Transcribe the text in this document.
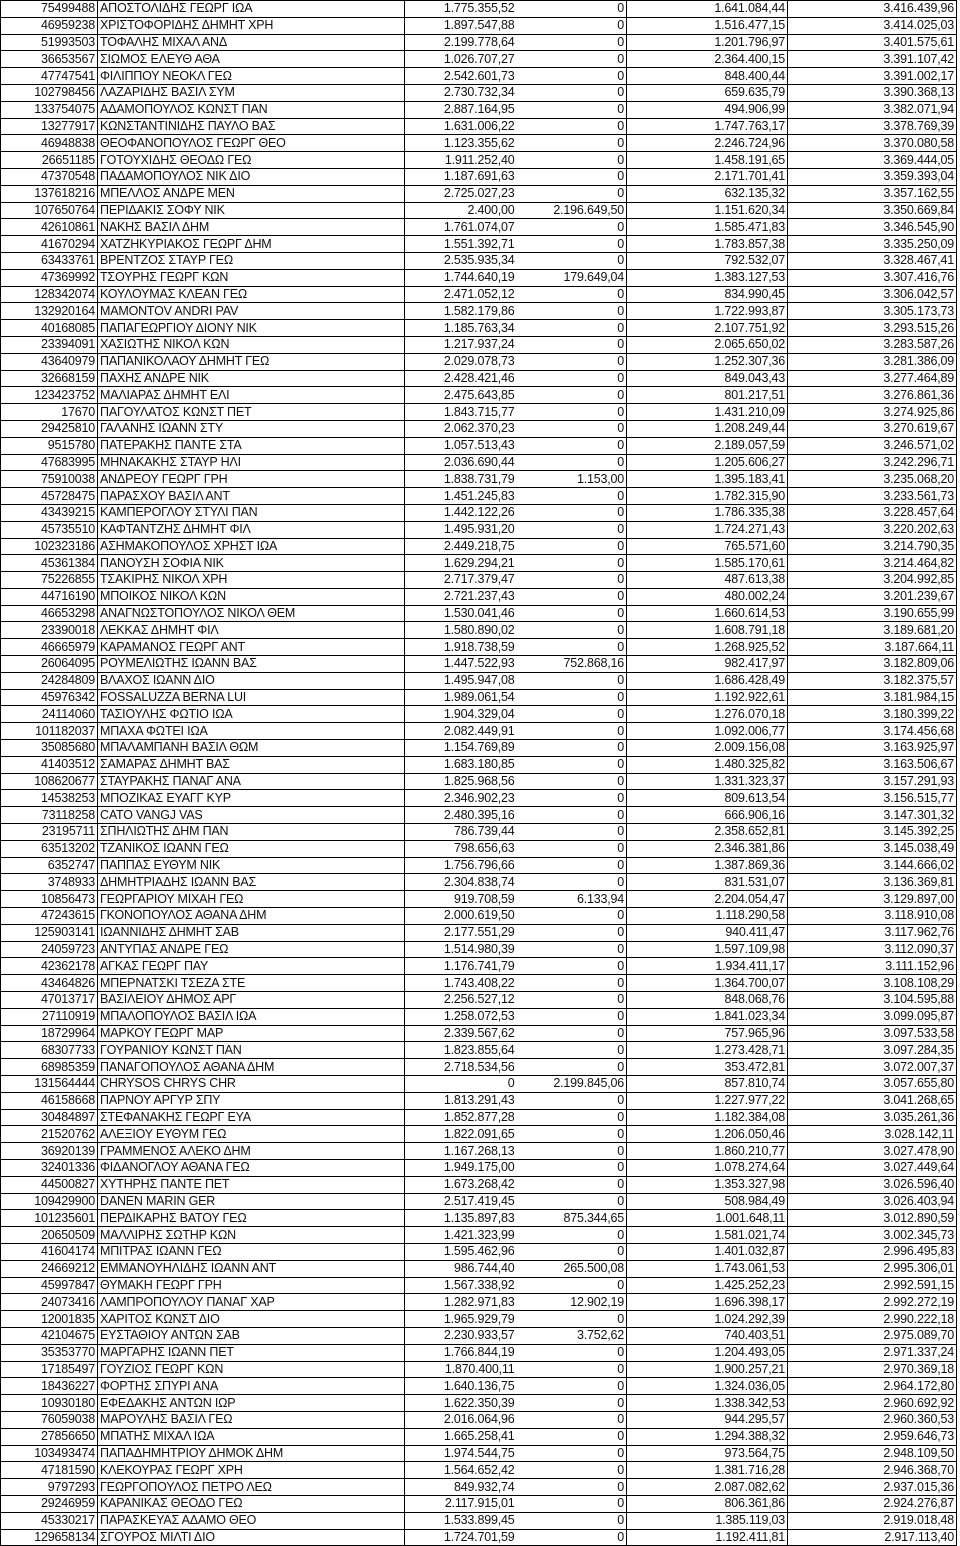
75499488	ΑΠΟΣΤΟΛΙΔΗΣ ΓΕΩΡΓ ΙΩΑ	1.775.355,52	0	1.641.084,44	3.416.439,96
46959238	ΧΡΙΣΤΟΦΟΡΙΔΗΣ ΔΗΜΗΤ ΧΡΗ	1.897.547,88	0	1.516.477,15	3.414.025,03
51993503	ΤΟΦΑΛΗΣ ΜΙΧΑΛ ΑΝΔ	2.199.778,64	0	1.201.796,97	3.401.575,61
36653567	ΣΙΩΜΟΣ ΕΛΕΥΘ ΑΘΑ	1.026.707,27	0	2.364.400,15	3.391.107,42
47747541	ΦΙΛΙΠΠΟΥ ΝΕΟΚΛ ΓΕΩ	2.542.601,73	0	848.400,44	3.391.002,17
102798456	ΛΑΖΑΡΙΔΗΣ ΒΑΣΙΛ ΣΥΜ	2.730.732,34	0	659.635,79	3.390.368,13
133754075	ΑΔΑΜΟΠΟΥΛΟΣ ΚΩΝΣΤ ΠΑΝ	2.887.164,95	0	494.906,99	3.382.071,94
13277917	ΚΩΝΣΤΑΝΤΙΝΙΔΗΣ ΠΑΥΛΟ ΒΑΣ	1.631.006,22	0	1.747.763,17	3.378.769,39
46948838	ΘΕΟΦΑΝΟΠΟΥΛΟΣ ΓΕΩΡΓ ΘΕΟ	1.123.355,62	0	2.246.724,96	3.370.080,58
26651185	ΓΟΤΟΥΧΙΔΗΣ ΘΕΟΔΩ ΓΕΩ	1.911.252,40	0	1.458.191,65	3.369.444,05
47370548	ΠΑΔΑΜΟΠΟΥΛΟΣ ΝΙΚ ΔΙΟ	1.187.691,63	0	2.171.701,41	3.359.393,04
137618216	ΜΠΕΛΛΟΣ ΑΝΔΡΕ ΜΕΝ	2.725.027,23	0	632.135,32	3.357.162,55
107650764	ΠΕΡΙΔΑΚΙΣ ΣΟΦΥ ΝΙΚ	2.400,00	2.196.649,50	1.151.620,34	3.350.669,84
42610861	ΝΑΚΗΣ ΒΑΣΙΛ ΔΗΜ	1.761.074,07	0	1.585.471,83	3.346.545,90
41670294	ΧΑΤΖΗΚΥΡΙΑΚΟΣ ΓΕΩΡΓ ΔΗΜ	1.551.392,71	0	1.783.857,38	3.335.250,09
63433761	ΒΡΕΝΤΖΟΣ ΣΤΑΥΡ ΓΕΩ	2.535.935,34	0	792.532,07	3.328.467,41
47369992	ΤΣΟΥΡΗΣ ΓΕΩΡΓ ΚΩΝ	1.744.640,19	179.649,04	1.383.127,53	3.307.416,76
128342074	ΚΟΥΛΟΥΜΑΣ ΚΛΕΑΝ ΓΕΩ	2.471.052,12	0	834.990,45	3.306.042,57
132920164	MAMONTOV ANDRI PAV	1.582.179,86	0	1.722.993,87	3.305.173,73
40168085	ΠΑΠΑΓΕΩΡΓΙΟΥ ΔΙΟΝΥ ΝΙΚ	1.185.763,34	0	2.107.751,92	3.293.515,26
23394091	ΧΑΣΙΩΤΗΣ ΝΙΚΟΛ ΚΩΝ	1.217.937,24	0	2.065.650,02	3.283.587,26
43640979	ΠΑΠΑΝΙΚΟΛΑΟΥ ΔΗΜΗΤ ΓΕΩ	2.029.078,73	0	1.252.307,36	3.281.386,09
32668159	ΠΑΧΗΣ ΑΝΔΡΕ ΝΙΚ	2.428.421,46	0	849.043,43	3.277.464,89
123423752	ΜΑΛΙΑΡΑΣ ΔΗΜΗΤ ΕΛΙ	2.475.643,85	0	801.217,51	3.276.861,36
17670	ΠΑΓΟΥΛΑΤΟΣ ΚΩΝΣΤ ΠΕΤ	1.843.715,77	0	1.431.210,09	3.274.925,86
29425810	ΓΑΛΑΝΗΣ ΙΩΑΝΝ ΣΤΥ	2.062.370,23	0	1.208.249,44	3.270.619,67
9515780	ΠΑΤΕΡΑΚΗΣ ΠΑΝΤΕ ΣΤΑ	1.057.513,43	0	2.189.057,59	3.246.571,02
47683995	ΜΗΝΑΚΑΚΗΣ ΣΤΑΥΡ ΗΛΙ	2.036.690,44	0	1.205.606,27	3.242.296,71
75910038	ΑΝΔΡΕΟΥ ΓΕΩΡΓ ΓΡΗ	1.838.731,79	1.153,00	1.395.183,41	3.235.068,20
45728475	ΠΑΡΑΣΧΟΥ ΒΑΣΙΛ ΑΝΤ	1.451.245,83	0	1.782.315,90	3.233.561,73
43439215	ΚΑΜΠΕΡΟΓΛΟΥ ΣΤΥΛΙ ΠΑΝ	1.442.122,26	0	1.786.335,38	3.228.457,64
45735510	ΚΑΦΤΑΝΤΖΗΣ ΔΗΜΗΤ ΦΙΛ	1.495.931,20	0	1.724.271,43	3.220.202,63
102323186	ΑΣΗΜΑΚΟΠΟΥΛΟΣ ΧΡΗΣΤ ΙΩΑ	2.449.218,75	0	765.571,60	3.214.790,35
45361384	ΠΑΝΟΥΣΗ ΣΟΦΙΑ ΝΙΚ	1.629.294,21	0	1.585.170,61	3.214.464,82
75226855	ΤΣΑΚΙΡΗΣ ΝΙΚΟΛ ΧΡΗ	2.717.379,47	0	487.613,38	3.204.992,85
44716190	ΜΠΟΙΚΟΣ ΝΙΚΟΛ ΚΩΝ	2.721.237,43	0	480.002,24	3.201.239,67
46653298	ΑΝΑΓΝΩΣΤΟΠΟΥΛΟΣ ΝΙΚΟΛ ΘΕΜ	1.530.041,46	0	1.660.614,53	3.190.655,99
23390018	ΛΕΚΚΑΣ ΔΗΜΗΤ ΦΙΛ	1.580.890,02	0	1.608.791,18	3.189.681,20
46665979	ΚΑΡΑΜΑΝΟΣ ΓΕΩΡΓ ΑΝΤ	1.918.738,59	0	1.268.925,52	3.187.664,11
26064095	ΡΟΥΜΕΛΙΩΤΗΣ ΙΩΑΝΝ ΒΑΣ	1.447.522,93	752.868,16	982.417,97	3.182.809,06
24284809	ΒΛΑΧΟΣ ΙΩΑΝΝ ΔΙΟ	1.495.947,08	0	1.686.428,49	3.182.375,57
45976342	FOSSALUZZA BERNA LUI	1.989.061,54	0	1.192.922,61	3.181.984,15
24114060	ΤΑΣΙΟΥΛΗΣ ΦΩΤΙΟ ΙΩΑ	1.904.329,04	0	1.276.070,18	3.180.399,22
101182037	ΜΠΑΧΑ ΦΩΤΕΙ ΙΩΑ	2.082.449,91	0	1.092.006,77	3.174.456,68
35085680	ΜΠΑΛΑΜΠΑΝΗ ΒΑΣΙΛ ΘΩΜ	1.154.769,89	0	2.009.156,08	3.163.925,97
41403512	ΣΑΜΑΡΑΣ ΔΗΜΗΤ ΒΑΣ	1.683.180,85	0	1.480.325,82	3.163.506,67
108620677	ΣΤΑΥΡΑΚΗΣ ΠΑΝΑΓ ΑΝΑ	1.825.968,56	0	1.331.323,37	3.157.291,93
14538253	ΜΠΟΖΙΚΑΣ ΕΥΑΓΓ ΚΥΡ	2.346.902,23	0	809.613,54	3.156.515,77
73118258	CATO VANGJ VAS	2.480.395,16	0	666.906,16	3.147.301,32
23195711	ΣΠΗΛΙΩΤΗΣ ΔΗΜ ΠΑΝ	786.739,44	0	2.358.652,81	3.145.392,25
63513202	ΤΖΑΝΙΚΟΣ ΙΩΑΝΝ ΓΕΩ	798.656,63	0	2.346.381,86	3.145.038,49
6352747	ΠΑΠΠΑΣ ΕΥΘΥΜ ΝΙΚ	1.756.796,66	0	1.387.869,36	3.144.666,02
3748933	ΔΗΜΗΤΡΙΑΔΗΣ ΙΩΑΝΝ ΒΑΣ	2.304.838,74	0	831.531,07	3.136.369,81
10856473	ΓΕΩΡΓΑΡΙΟΥ ΜΙΧΑΗ ΓΕΩ	919.708,59	6.133,94	2.204.054,47	3.129.897,00
47243615	ΓΚΟΝΟΠΟΥΛΟΣ ΑΘΑΝΑ ΔΗΜ	2.000.619,50	0	1.118.290,58	3.118.910,08
125903141	ΙΩΑΝΝΙΔΗΣ ΔΗΜΗΤ ΣΑΒ	2.177.551,29	0	940.411,47	3.117.962,76
24059723	ΑΝΤΥΠΑΣ ΑΝΔΡΕ ΓΕΩ	1.514.980,39	0	1.597.109,98	3.112.090,37
42362178	ΑΓΚΑΣ ΓΕΩΡΓ ΠΑΥ	1.176.741,79	0	1.934.411,17	3.111.152,96
43464826	ΜΠΕΡΝΑΤΣΚΙ ΤΣΕΖΑ ΣΤΕ	1.743.408,22	0	1.364.700,07	3.108.108,29
47013717	ΒΑΣΙΛΕΙΟΥ ΔΗΜΟΣ ΑΡΓ	2.256.527,12	0	848.068,76	3.104.595,88
27110919	ΜΠΑΛΟΠΟΥΛΟΣ ΒΑΣΙΛ ΙΩΑ	1.258.072,53	0	1.841.023,34	3.099.095,87
18729964	ΜΑΡΚΟΥ ΓΕΩΡΓ ΜΑΡ	2.339.567,62	0	757.965,96	3.097.533,58
68307733	ΓΟΥΡΑΝΙΟΥ ΚΩΝΣΤ ΠΑΝ	1.823.855,64	0	1.273.428,71	3.097.284,35
68985359	ΠΑΝΑΓΟΠΟΥΛΟΣ ΑΘΑΝΑ ΔΗΜ	2.718.534,56	0	353.472,81	3.072.007,37
131564444	CHRYSOS CHRYS CHR	0	2.199.845,06	857.810,74	3.057.655,80
46158668	ΠΑΡΝΟΥ ΑΡΓΥΡ ΣΠΥ	1.813.291,43	0	1.227.977,22	3.041.268,65
30484897	ΣΤΕΦΑΝΑΚΗΣ ΓΕΩΡΓ ΕΥΑ	1.852.877,28	0	1.182.384,08	3.035.261,36
21520762	ΑΛΕΞΙΟΥ ΕΥΘΥΜ ΓΕΩ	1.822.091,65	0	1.206.050,46	3.028.142,11
36920139	ΓΡΑΜΜΕΝΟΣ ΑΛΕΚΟ ΔΗΜ	1.167.268,13	0	1.860.210,77	3.027.478,90
32401336	ΦΙΔΑΝΟΓΛΟΥ ΑΘΑΝΑ ΓΕΩ	1.949.175,00	0	1.078.274,64	3.027.449,64
44500827	ΧΥΤΗΡΗΣ ΠΑΝΤΕ ΠΕΤ	1.673.268,42	0	1.353.327,98	3.026.596,40
109429900	DANEN MARIN GER	2.517.419,45	0	508.984,49	3.026.403,94
101235601	ΠΕΡΔΙΚΑΡΗΣ ΒΑΤΟΥ ΓΕΩ	1.135.897,83	875.344,65	1.001.648,11	3.012.890,59
20650509	ΜΑΛΛΙΡΗΣ ΣΩΤΗΡ ΚΩΝ	1.421.323,99	0	1.581.021,74	3.002.345,73
41604174	ΜΠΙΤΡΑΣ ΙΩΑΝΝ ΓΕΩ	1.595.462,96	0	1.401.032,87	2.996.495,83
24669212	ΕΜΜΑΝΟΥΗΛΙΔΗΣ ΙΩΑΝΝ ΑΝΤ	986.744,40	265.500,08	1.743.061,53	2.995.306,01
45997847	ΘΥΜΑΚΗ ΓΕΩΡΓ ΓΡΗ	1.567.338,92	0	1.425.252,23	2.992.591,15
24073416	ΛΑΜΠΡΟΠΟΥΛΟΥ ΠΑΝΑΓ ΧΑΡ	1.282.971,83	12.902,19	1.696.398,17	2.992.272,19
12001835	ΧΑΡΙΤΟΣ ΚΩΝΣΤ ΔΙΟ	1.965.929,79	0	1.024.292,39	2.990.222,18
42104675	ΕΥΣΤΑΘΙΟΥ ΑΝΤΩΝ ΣΑΒ	2.230.933,57	3.752,62	740.403,51	2.975.089,70
35353770	ΜΑΡΓΑΡΗΣ ΙΩΑΝΝ ΠΕΤ	1.766.844,19	0	1.204.493,05	2.971.337,24
17185497	ΓΟΥΖΙΟΣ ΓΕΩΡΓ ΚΩΝ	1.870.400,11	0	1.900.257,21	2.970.369,18
18436227	ΦΟΡΤΗΣ ΣΠΥΡΙ ΑΝΑ	1.640.136,75	0	1.324.036,05	2.964.172,80
10930180	ΕΦΕΔΑΚΗΣ ΑΝΤΩΝ ΙΩΡ	1.622.350,39	0	1.338.342,53	2.960.692,92
76059038	ΜΑΡΟΥΛΗΣ ΒΑΣΙΛ ΓΕΩ	2.016.064,96	0	944.295,57	2.960.360,53
27856650	ΜΠΑΤΗΣ ΜΙΧΑΛ ΙΩΑ	1.665.258,41	0	1.294.388,32	2.959.646,73
103493474	ΠΑΠΑΔΗΜΗΤΡΙΟΥ ΔΗΜΟΚ ΔΗΜ	1.974.544,75	0	973.564,75	2.948.109,50
47181590	ΚΛΕΚΟΥΡΑΣ ΓΕΩΡΓ ΧΡΗ	1.564.652,42	0	1.381.716,28	2.946.368,70
9797293	ΓΕΩΡΓΟΠΟΥΛΟΣ ΠΕΤΡΟ ΛΕΩ	849.932,74	0	2.087.082,62	2.937.015,36
29246959	ΚΑΡΑΝΙΚΑΣ ΘΕΟΔΟ ΓΕΩ	2.117.915,01	0	806.361,86	2.924.276,87
45330217	ΠΑΡΑΣΚΕΥΑΣ ΑΔΑΜΟ ΘΕΟ	1.533.899,45	0	1.385.119,03	2.919.018,48
129658134	ΣΓΟΥΡΟΣ ΜΙΛΤΙ ΔΙΟ	1.724.701,59	0	1.192.411,81	2.917.113,40
